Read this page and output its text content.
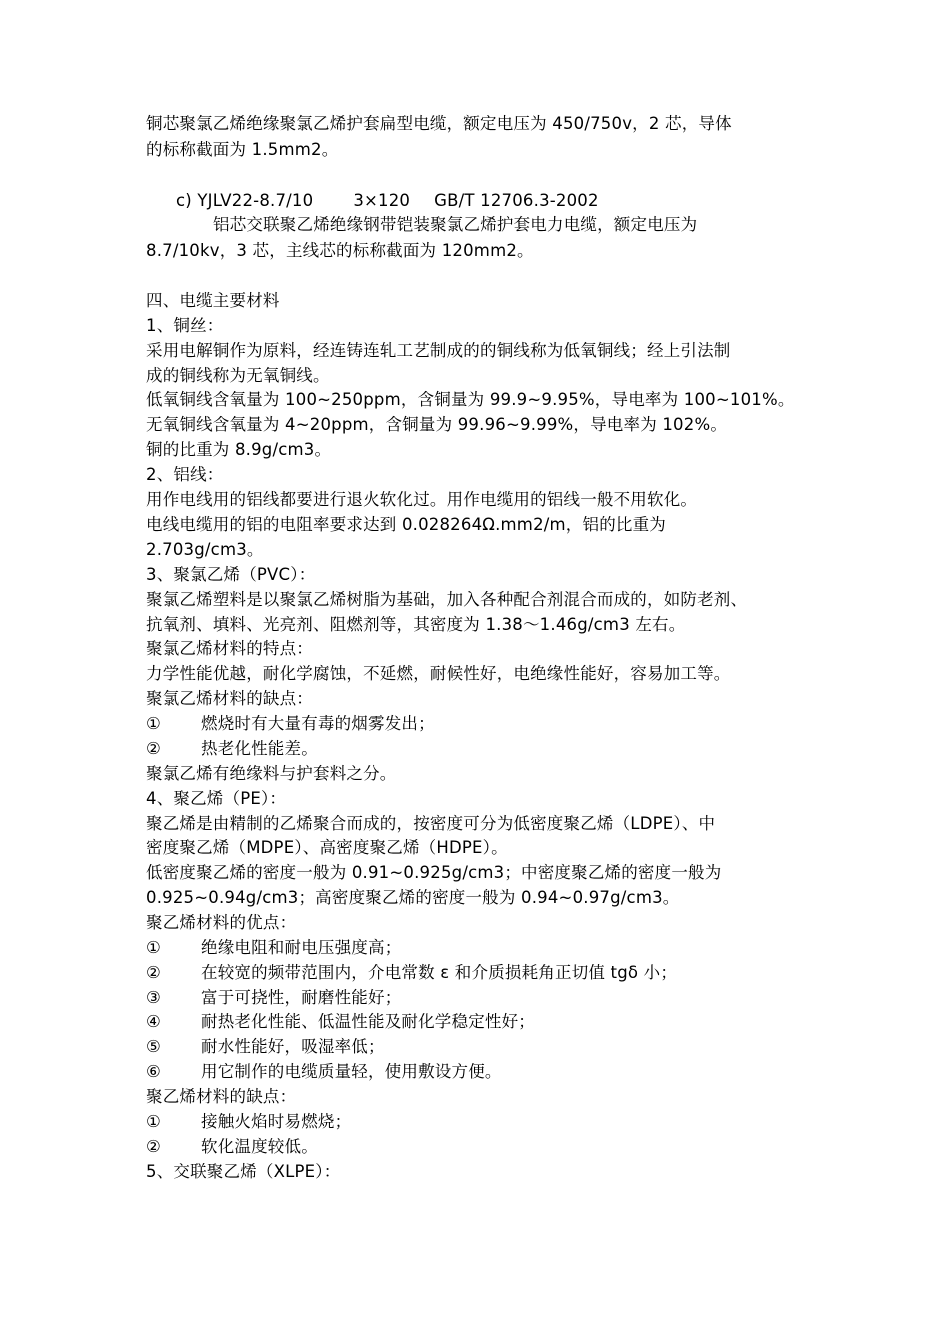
铜芯聚氯乙烯绝缘聚氯乙烯护套扁型电缆，额定电压为 450/750v，2 芯，导体
的标称截面为 1.5mm2。
c) YJLV22-8.7/10 3×120 GB/T 12706.3-2002
铝芯交联聚乙烯绝缘钢带铠装聚氯乙烯护套电力电缆，额定电压为
8.7/10kv，3 芯，主线芯的标称截面为 120mm2。
四、电缆主要材料
1、铜丝：
采用电解铜作为原料，经连铸连轧工艺制成的的铜线称为低氧铜线；经上引法制
成的铜线称为无氧铜线。
低氧铜线含氧量为 100~250ppm，含铜量为 99.9~9.95%，导电率为 100~101%。
无氧铜线含氧量为 4~20ppm，含铜量为 99.96~9.99%，导电率为 102%。
铜的比重为 8.9g/cm3。
2、铝线：
用作电线用的铝线都要进行退火软化过。用作电缆用的铝线一般不用软化。
电线电缆用的铝的电阻率要求达到 0.028264Ω.mm2/m，铝的比重为
2.703g/cm3。
3、聚氯乙烯（PVC）：
聚氯乙烯塑料是以聚氯乙烯树脂为基础，加入各种配合剂混合而成的，如防老剂、
抗氧剂、填料、光亮剂、阻燃剂等，其密度为 1.38～1.46g/cm3 左右。
聚氯乙烯材料的特点：
力学性能优越，耐化学腐蚀，不延燃，耐候性好，电绝缘性能好，容易加工等。
聚氯乙烯材料的缺点：
① 燃烧时有大量有毒的烟雾发出；
② 热老化性能差。
聚氯乙烯有绝缘料与护套料之分。
4、聚乙烯（PE）：
聚乙烯是由精制的乙烯聚合而成的，按密度可分为低密度聚乙烯（LDPE）、中
密度聚乙烯（MDPE）、高密度聚乙烯（HDPE）。
低密度聚乙烯的密度一般为 0.91~0.925g/cm3；中密度聚乙烯的密度一般为
0.925~0.94g/cm3；高密度聚乙烯的密度一般为 0.94~0.97g/cm3。
聚乙烯材料的优点：
① 绝缘电阻和耐电压强度高；
② 在较宽的频带范围内，介电常数 ε 和介质损耗角正切值 tgδ 小；
③ 富于可挠性，耐磨性能好；
④ 耐热老化性能、低温性能及耐化学稳定性好；
⑤ 耐水性能好，吸湿率低；
⑥ 用它制作的电缆质量轻，使用敷设方便。
聚乙烯材料的缺点：
① 接触火焰时易燃烧；
② 软化温度较低。
5、交联聚乙烯（XLPE）：
